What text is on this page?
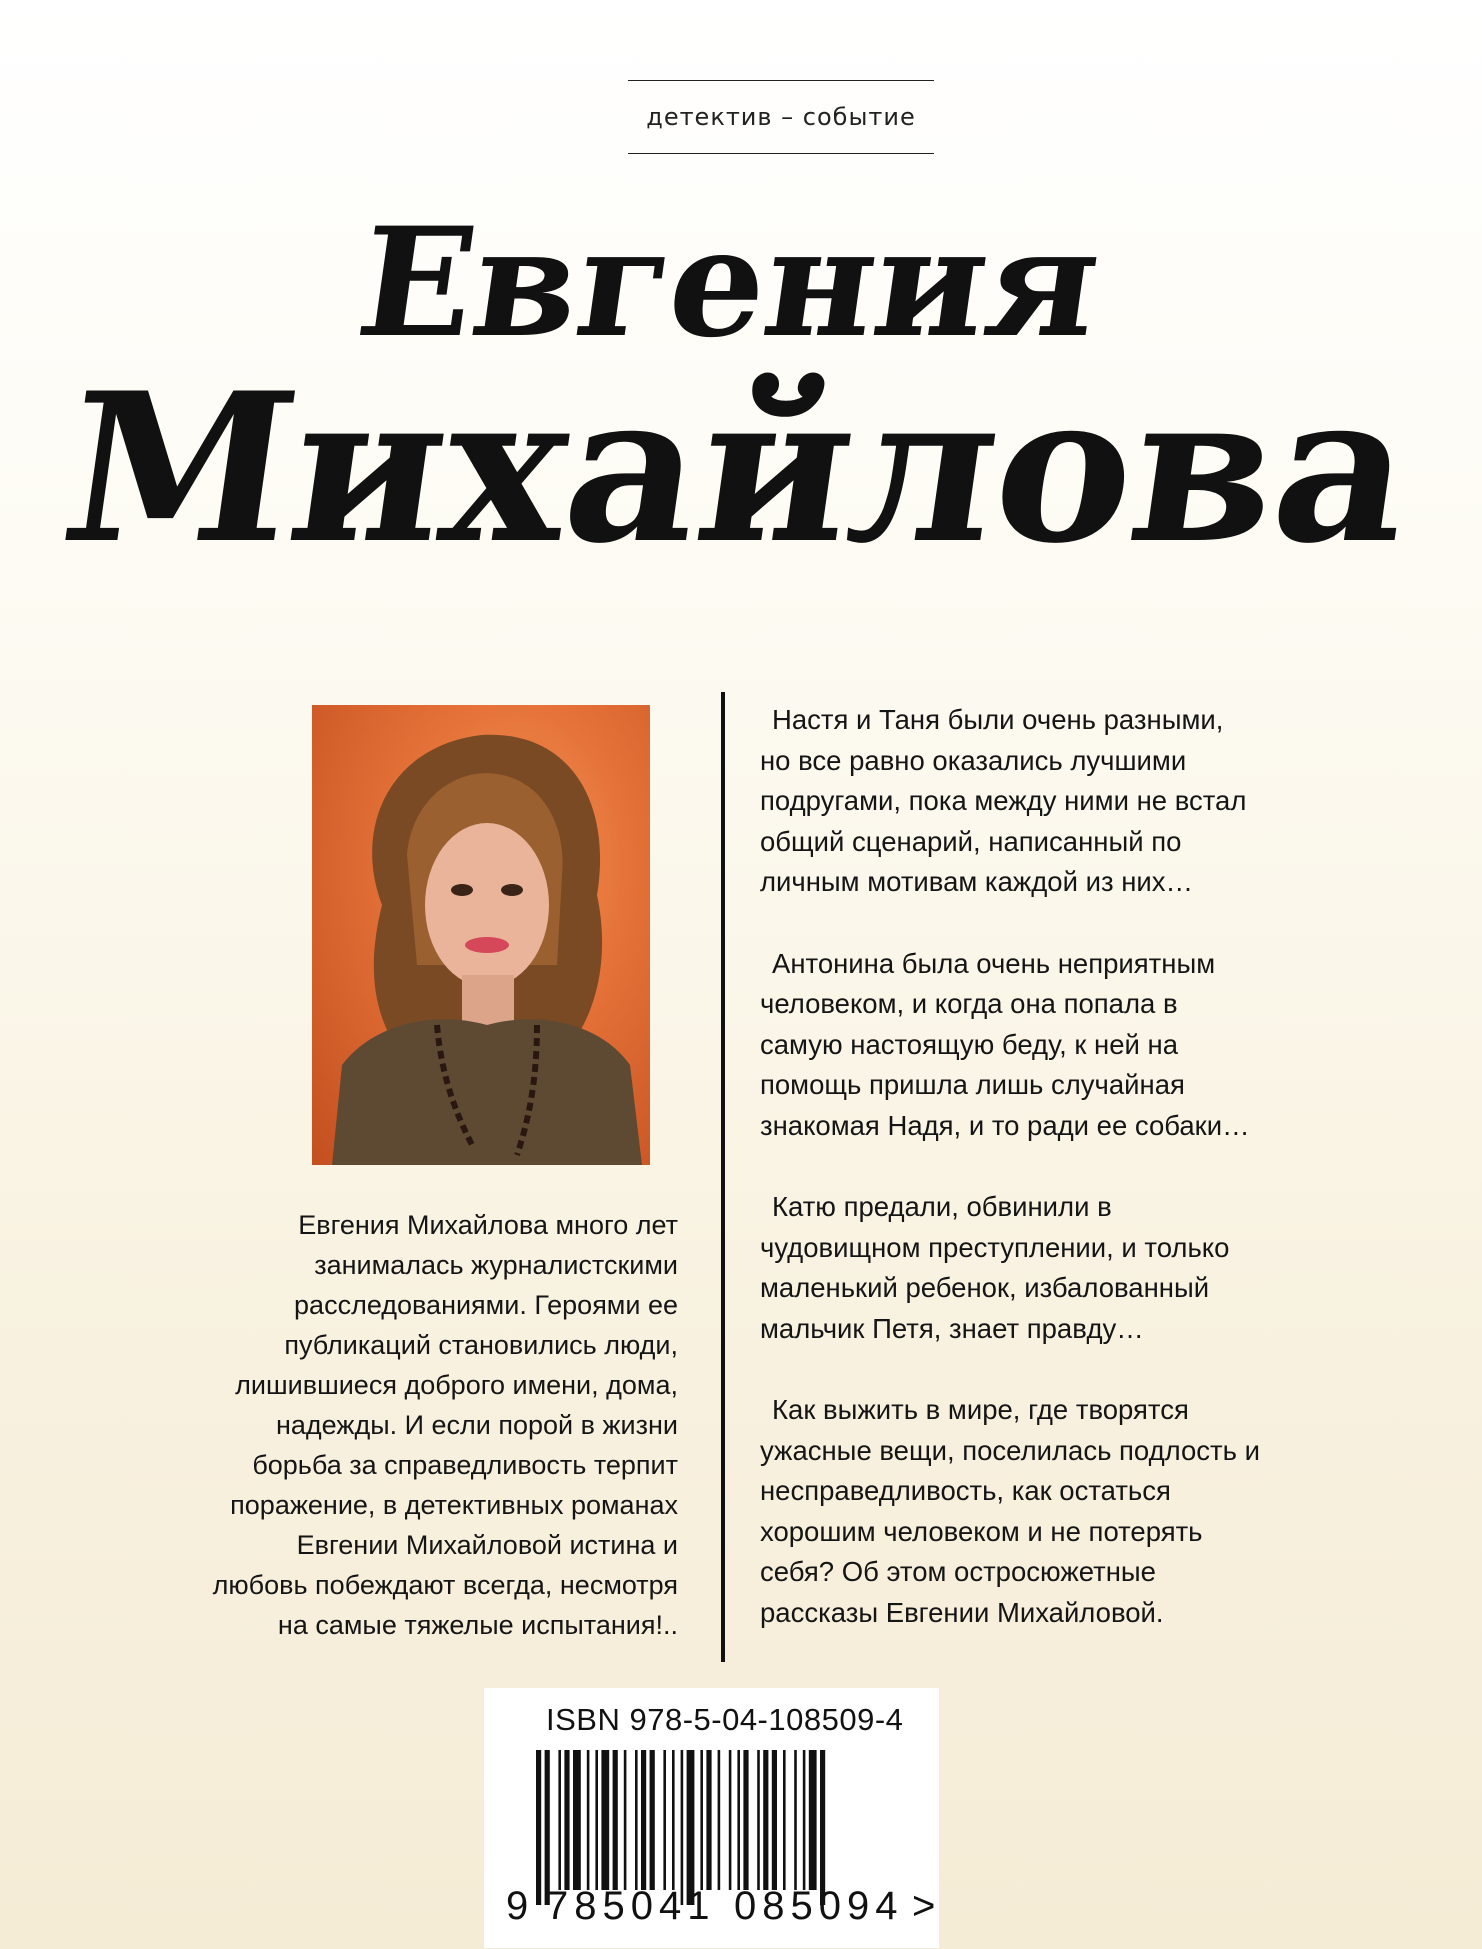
детектив – событие
Евгения
Михайлова
Евгения Михайлова много лет занималась журналистскими расследованиями. Героями ее публикаций становились люди, лишившиеся доброго имени, дома, надежды. И если порой в жизни борьба за справедливость терпит поражение, в детективных романах Евгении Михайловой истина и любовь побеждают всегда, несмотря на самые тяжелые испытания!..

Настя и Таня были очень разными, но все равно оказались лучшими подругами, пока между ними не встал общий сценарий, написанный по личным мотивам каждой из них…

Антонина была очень неприятным человеком, и когда она попала в самую настоящую беду, к ней на помощь пришла лишь случайная знакомая Надя, и то ради ее собаки…

Катю предали, обвинили в чудовищном преступлении, и только маленький ребенок, избалованный мальчик Петя, знает правду…

Как выжить в мире, где творятся ужасные вещи, поселилась подлость и несправедливость, как остаться хорошим человеком и не потерять себя? Об этом остросюжетные рассказы Евгении Михайловой.

ISBN 978-5-04-108509-4
9 785041 085094 >
